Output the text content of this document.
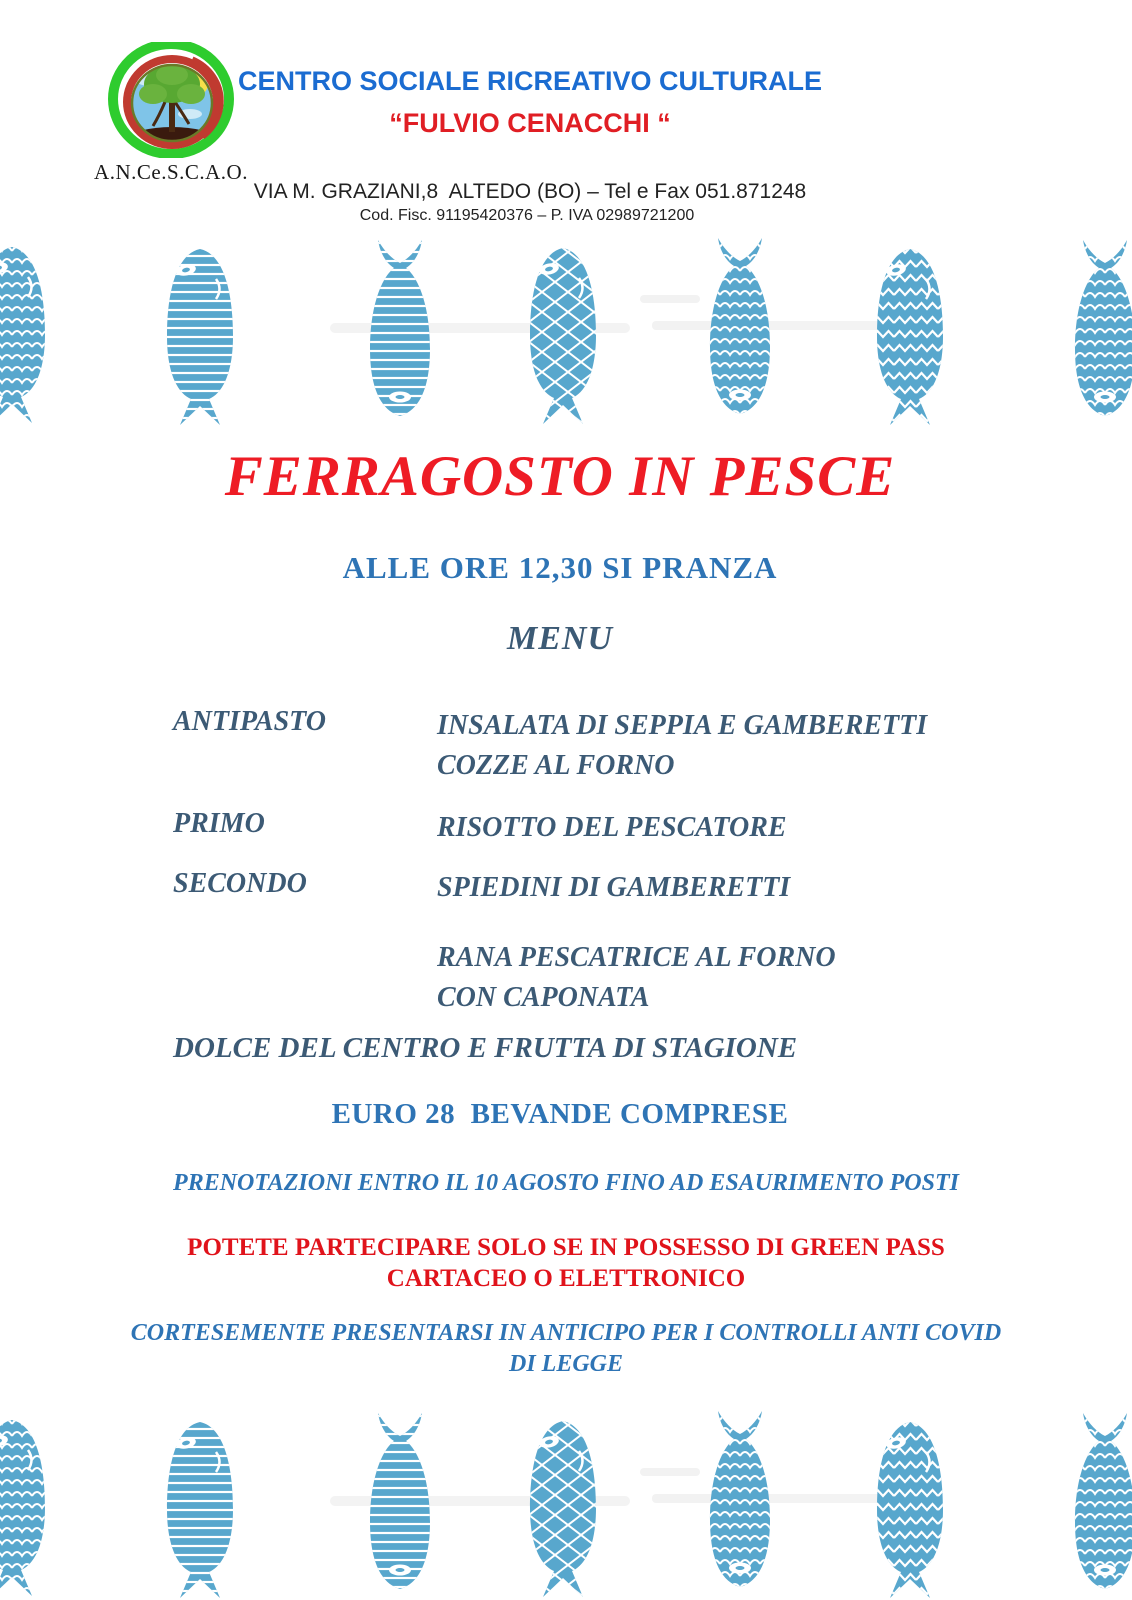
A.N.Ce.S.C.A.O.
CENTRO SOCIALE RICREATIVO CULTURALE
“FULVIO CENACCHI “
VIA M. GRAZIANI,8  ALTEDO (BO) – Tel e Fax 051.871248
Cod. Fisc. 91195420376 – P. IVA 02989721200
FERRAGOSTO IN PESCE
ALLE ORE 12,30 SI PRANZA
MENU
ANTIPASTO	INSALATA DI SEPPIA E GAMBERETTI
COZZE AL FORNO
PRIMO	RISOTTO DEL PESCATORE
SECONDO	SPIEDINI DI GAMBERETTI
RANA PESCATRICE AL FORNO
CON CAPONATA
DOLCE DEL CENTRO E FRUTTA DI STAGIONE
EURO 28  BEVANDE COMPRESE
PRENOTAZIONI ENTRO IL 10 AGOSTO FINO AD ESAURIMENTO POSTI
POTETE PARTECIPARE SOLO SE IN POSSESSO DI GREEN PASS
CARTACEO O ELETTRONICO
CORTESEMENTE PRESENTARSI IN ANTICIPO PER I CONTROLLI ANTI COVID
DI LEGGE
